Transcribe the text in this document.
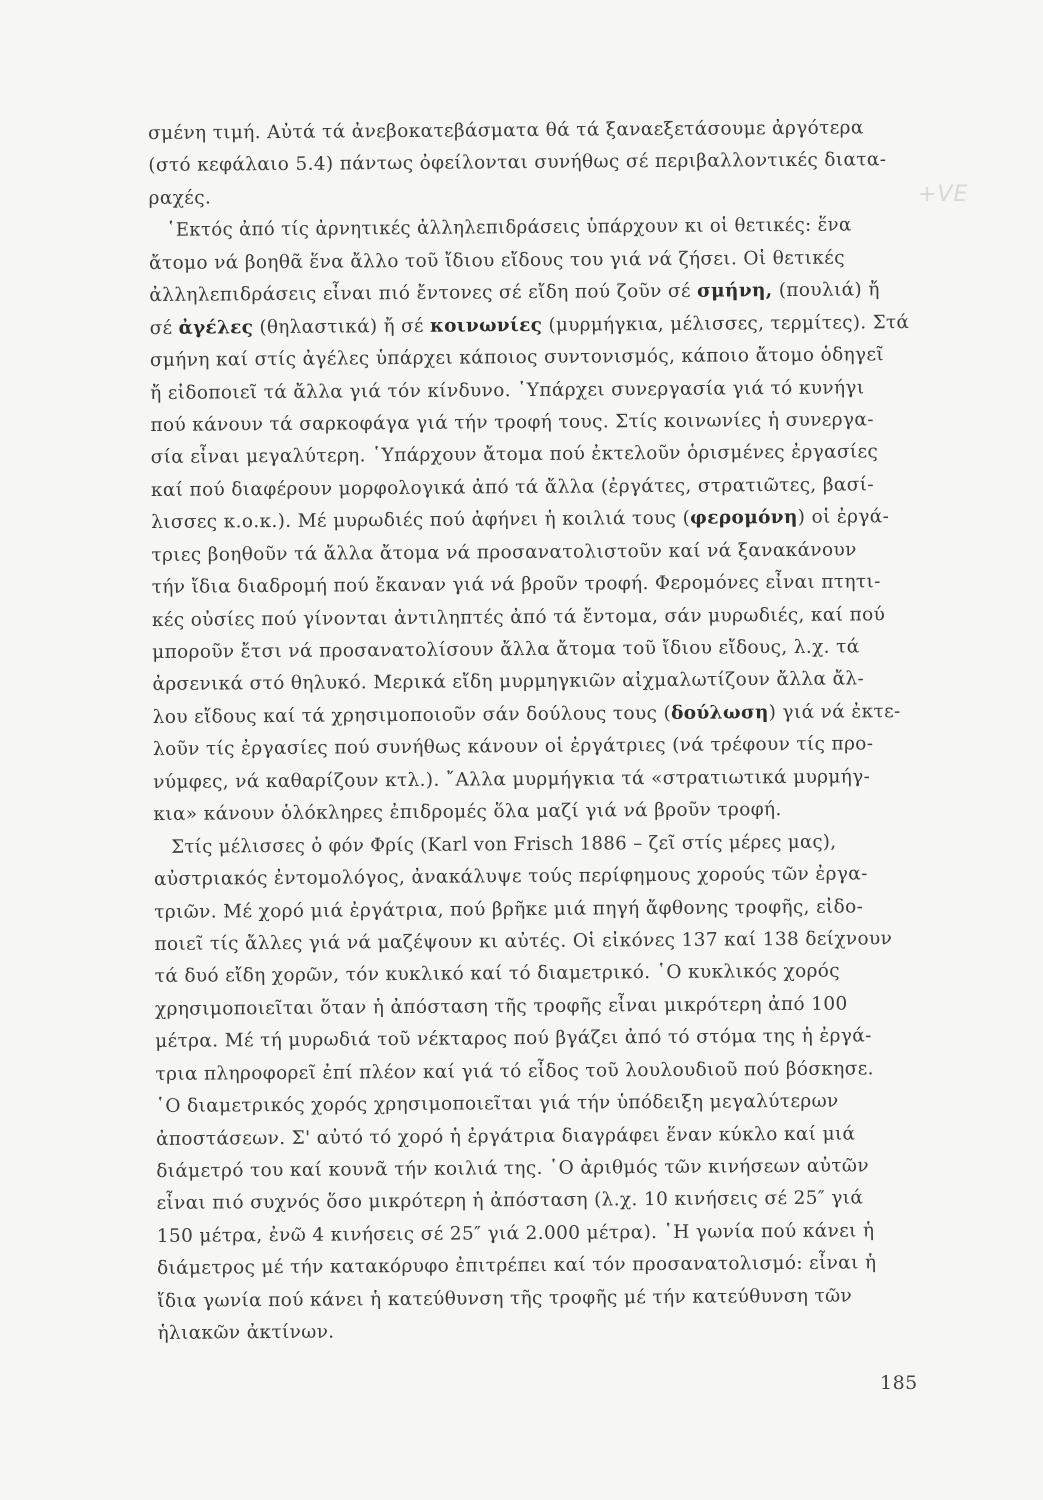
+VE
σμένη τιμή. Αὐτά τά ἀνεβοκατεβάσματα θά τά ξαναεξετάσουμε ἀργότερα
(στό κεφάλαιο 5.4) πάντως ὀφείλονται συνήθως σέ περιβαλλοντικές διατα-
ραχές.
῾Εκτός ἀπό τίς ἀρνητικές ἀλληλεπιδράσεις ὑπάρχουν κι οἱ θετικές: ἕνα
ἄτομο νά βοηθᾶ ἕνα ἄλλο τοῦ ἴδιου εἴδους του γιά νά ζήσει. Οἱ θετικές
ἀλληλεπιδράσεις εἶναι πιό ἔντονες σέ εἴδη πού ζοῦν σέ σμήνη, (πουλιά) ἤ
σέ ἀγέλες (θηλαστικά) ἤ σέ κοινωνίες (μυρμήγκια, μέλισσες, τερμίτες). Στά
σμήνη καί στίς ἀγέλες ὑπάρχει κάποιος συντονισμός, κάποιο ἄτομο ὁδηγεῖ
ἤ εἰδοποιεῖ τά ἄλλα γιά τόν κίνδυνο. ῾Υπάρχει συνεργασία γιά τό κυνήγι
πού κάνουν τά σαρκοφάγα γιά τήν τροφή τους. Στίς κοινωνίες ἡ συνεργα-
σία εἶναι μεγαλύτερη. ῾Υπάρχουν ἄτομα πού ἐκτελοῦν ὁρισμένες ἐργασίες
καί πού διαφέρουν μορφολογικά ἀπό τά ἄλλα (ἐργάτες, στρατιῶτες, βασί-
λισσες κ.ο.κ.). Μέ μυρωδιές πού ἀφήνει ἡ κοιλιά τους (φερομόνη) οἱ ἐργά-
τριες βοηθοῦν τά ἄλλα ἄτομα νά προσανατολιστοῦν καί νά ξανακάνουν
τήν ἴδια διαδρομή πού ἔκαναν γιά νά βροῦν τροφή. Φερομόνες εἶναι πτητι-
κές οὐσίες πού γίνονται ἀντιληπτές ἀπό τά ἔντομα, σάν μυρωδιές, καί πού
μποροῦν ἔτσι νά προσανατολίσουν ἄλλα ἄτομα τοῦ ἴδιου εἴδους, λ.χ. τά
ἀρσενικά στό θηλυκό. Μερικά εἴδη μυρμηγκιῶν αἰχμαλωτίζουν ἄλλα ἄλ-
λου εἴδους καί τά χρησιμοποιοῦν σάν δούλους τους (δούλωση) γιά νά ἐκτε-
λοῦν τίς ἐργασίες πού συνήθως κάνουν οἱ ἐργάτριες (νά τρέφουν τίς προ-
νύμφες, νά καθαρίζουν κτλ.). ῎Αλλα μυρμήγκια τά «στρατιωτικά μυρμήγ-
κια» κάνουν ὁλόκληρες ἐπιδρομές ὅλα μαζί γιά νά βροῦν τροφή.
Στίς μέλισσες ὁ φόν Φρίς (Karl von Frisch 1886 – ζεῖ στίς μέρες μας),
αὐστριακός ἐντομολόγος, ἀνακάλυψε τούς περίφημους χορούς τῶν ἐργα-
τριῶν. Μέ χορό μιά ἐργάτρια, πού βρῆκε μιά πηγή ἄφθονης τροφῆς, εἰδο-
ποιεῖ τίς ἄλλες γιά νά μαζέψουν κι αὐτές. Οἱ εἰκόνες 137 καί 138 δείχνουν
τά δυό εἴδη χορῶν, τόν κυκλικό καί τό διαμετρικό. ῾Ο κυκλικός χορός
χρησιμοποιεῖται ὅταν ἡ ἀπόσταση τῆς τροφῆς εἶναι μικρότερη ἀπό 100
μέτρα. Μέ τή μυρωδιά τοῦ νέκταρος πού βγάζει ἀπό τό στόμα της ἡ ἐργά-
τρια πληροφορεῖ ἐπί πλέον καί γιά τό εἶδος τοῦ λουλουδιοῦ πού βόσκησε.
῾Ο διαμετρικός χορός χρησιμοποιεῖται γιά τήν ὑπόδειξη μεγαλύτερων
ἀποστάσεων. Σ' αὐτό τό χορό ἡ ἐργάτρια διαγράφει ἕναν κύκλο καί μιά
διάμετρό του καί κουνᾶ τήν κοιλιά της. ῾Ο ἀριθμός τῶν κινήσεων αὐτῶν
εἶναι πιό συχνός ὅσο μικρότερη ἡ ἀπόσταση (λ.χ. 10 κινήσεις σέ 25″ γιά
150 μέτρα, ἐνῶ 4 κινήσεις σέ 25″ γιά 2.000 μέτρα). ῾Η γωνία πού κάνει ἡ
διάμετρος μέ τήν κατακόρυφο ἐπιτρέπει καί τόν προσανατολισμό: εἶναι ἡ
ἴδια γωνία πού κάνει ἡ κατεύθυνση τῆς τροφῆς μέ τήν κατεύθυνση τῶν
ἡλιακῶν ἀκτίνων.
185
